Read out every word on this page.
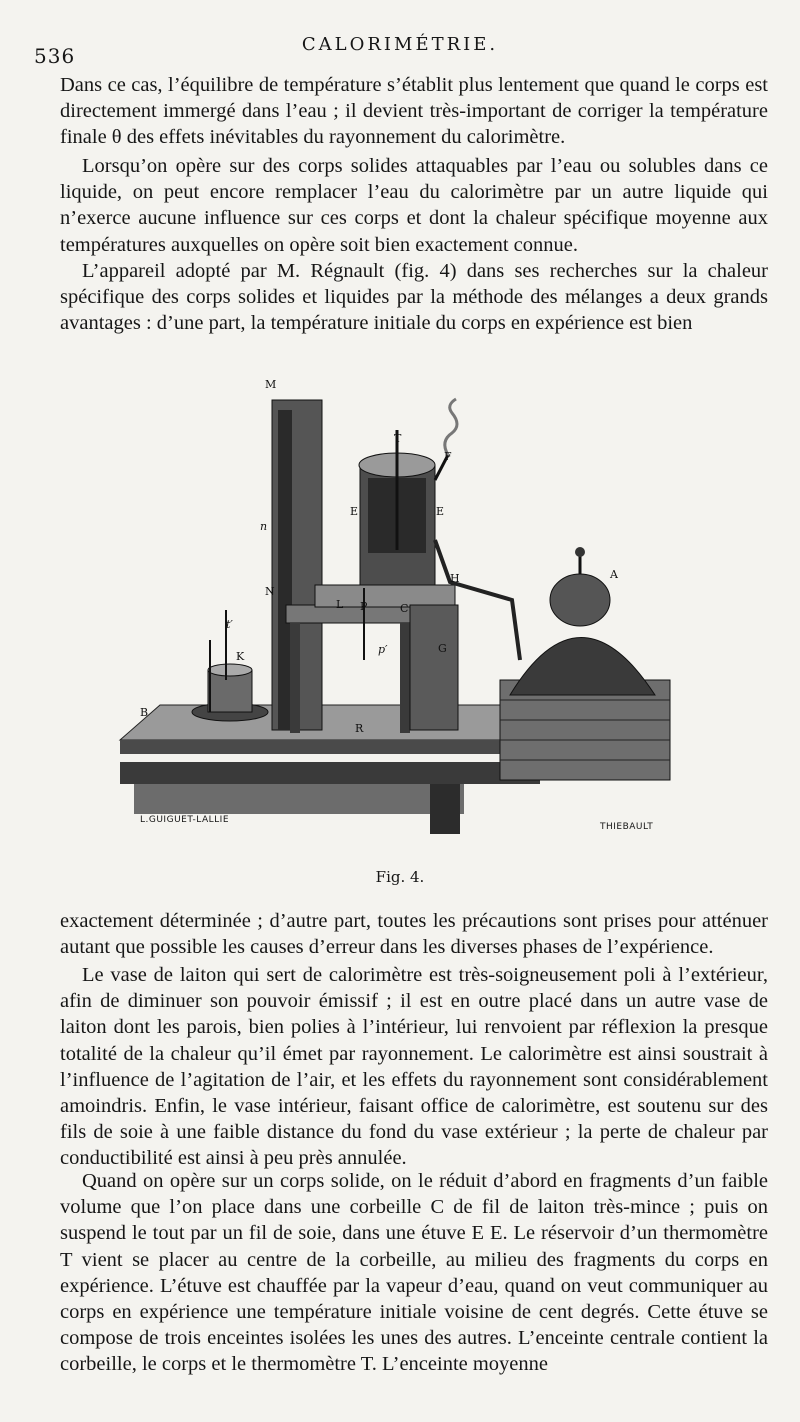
536	CALORIMÉTRIE.

Dans ce cas, l’équilibre de température s’établit plus lentement que quand le corps est directement immergé dans l’eau ; il devient très-important de corriger la température finale θ des effets inévitables du rayonnement du calorimètre.

Lorsqu’on opère sur des corps solides attaquables par l’eau ou solubles dans ce liquide, on peut encore remplacer l’eau du calorimètre par un autre liquide qui n’exerce aucune influence sur ces corps et dont la chaleur spécifique moyenne aux températures auxquelles on opère soit bien exactement connue.

L’appareil adopté par M. Régnault (fig. 4) dans ses recherches sur la chaleur spécifique des corps solides et liquides par la méthode des mélanges a deux grands avantages : d’une part, la température initiale du corps en expérience est bien

M
T
F
E	E
n
A
N
L P	C
H
t′
K
p′	G
B
R
L.GUIGUET-LALLIE
THIEBAULT
Fig. 4.

exactement déterminée ; d’autre part, toutes les précautions sont prises pour atténuer autant que possible les causes d’erreur dans les diverses phases de l’expérience.

Le vase de laiton qui sert de calorimètre est très-soigneusement poli à l’extérieur, afin de diminuer son pouvoir émissif ; il est en outre placé dans un autre vase de laiton dont les parois, bien polies à l’intérieur, lui renvoient par réflexion la presque totalité de la chaleur qu’il émet par rayonnement. Le calorimètre est ainsi soustrait à l’influence de l’agitation de l’air, et les effets du rayonnement sont considérablement amoindris. Enfin, le vase intérieur, faisant office de calorimètre, est soutenu sur des fils de soie à une faible distance du fond du vase extérieur ; la perte de chaleur par conductibilité est ainsi à peu près annulée.

Quand on opère sur un corps solide, on le réduit d’abord en fragments d’un faible volume que l’on place dans une corbeille C de fil de laiton très-mince ; puis on suspend le tout par un fil de soie, dans une étuve E E. Le réservoir d’un thermomètre T vient se placer au centre de la corbeille, au milieu des fragments du corps en expérience. L’étuve est chauffée par la vapeur d’eau, quand on veut communiquer au corps en expérience une température initiale voisine de cent degrés. Cette étuve se compose de trois enceintes isolées les unes des autres. L’enceinte centrale contient la corbeille, le corps et le thermomètre T. L’enceinte moyenne
